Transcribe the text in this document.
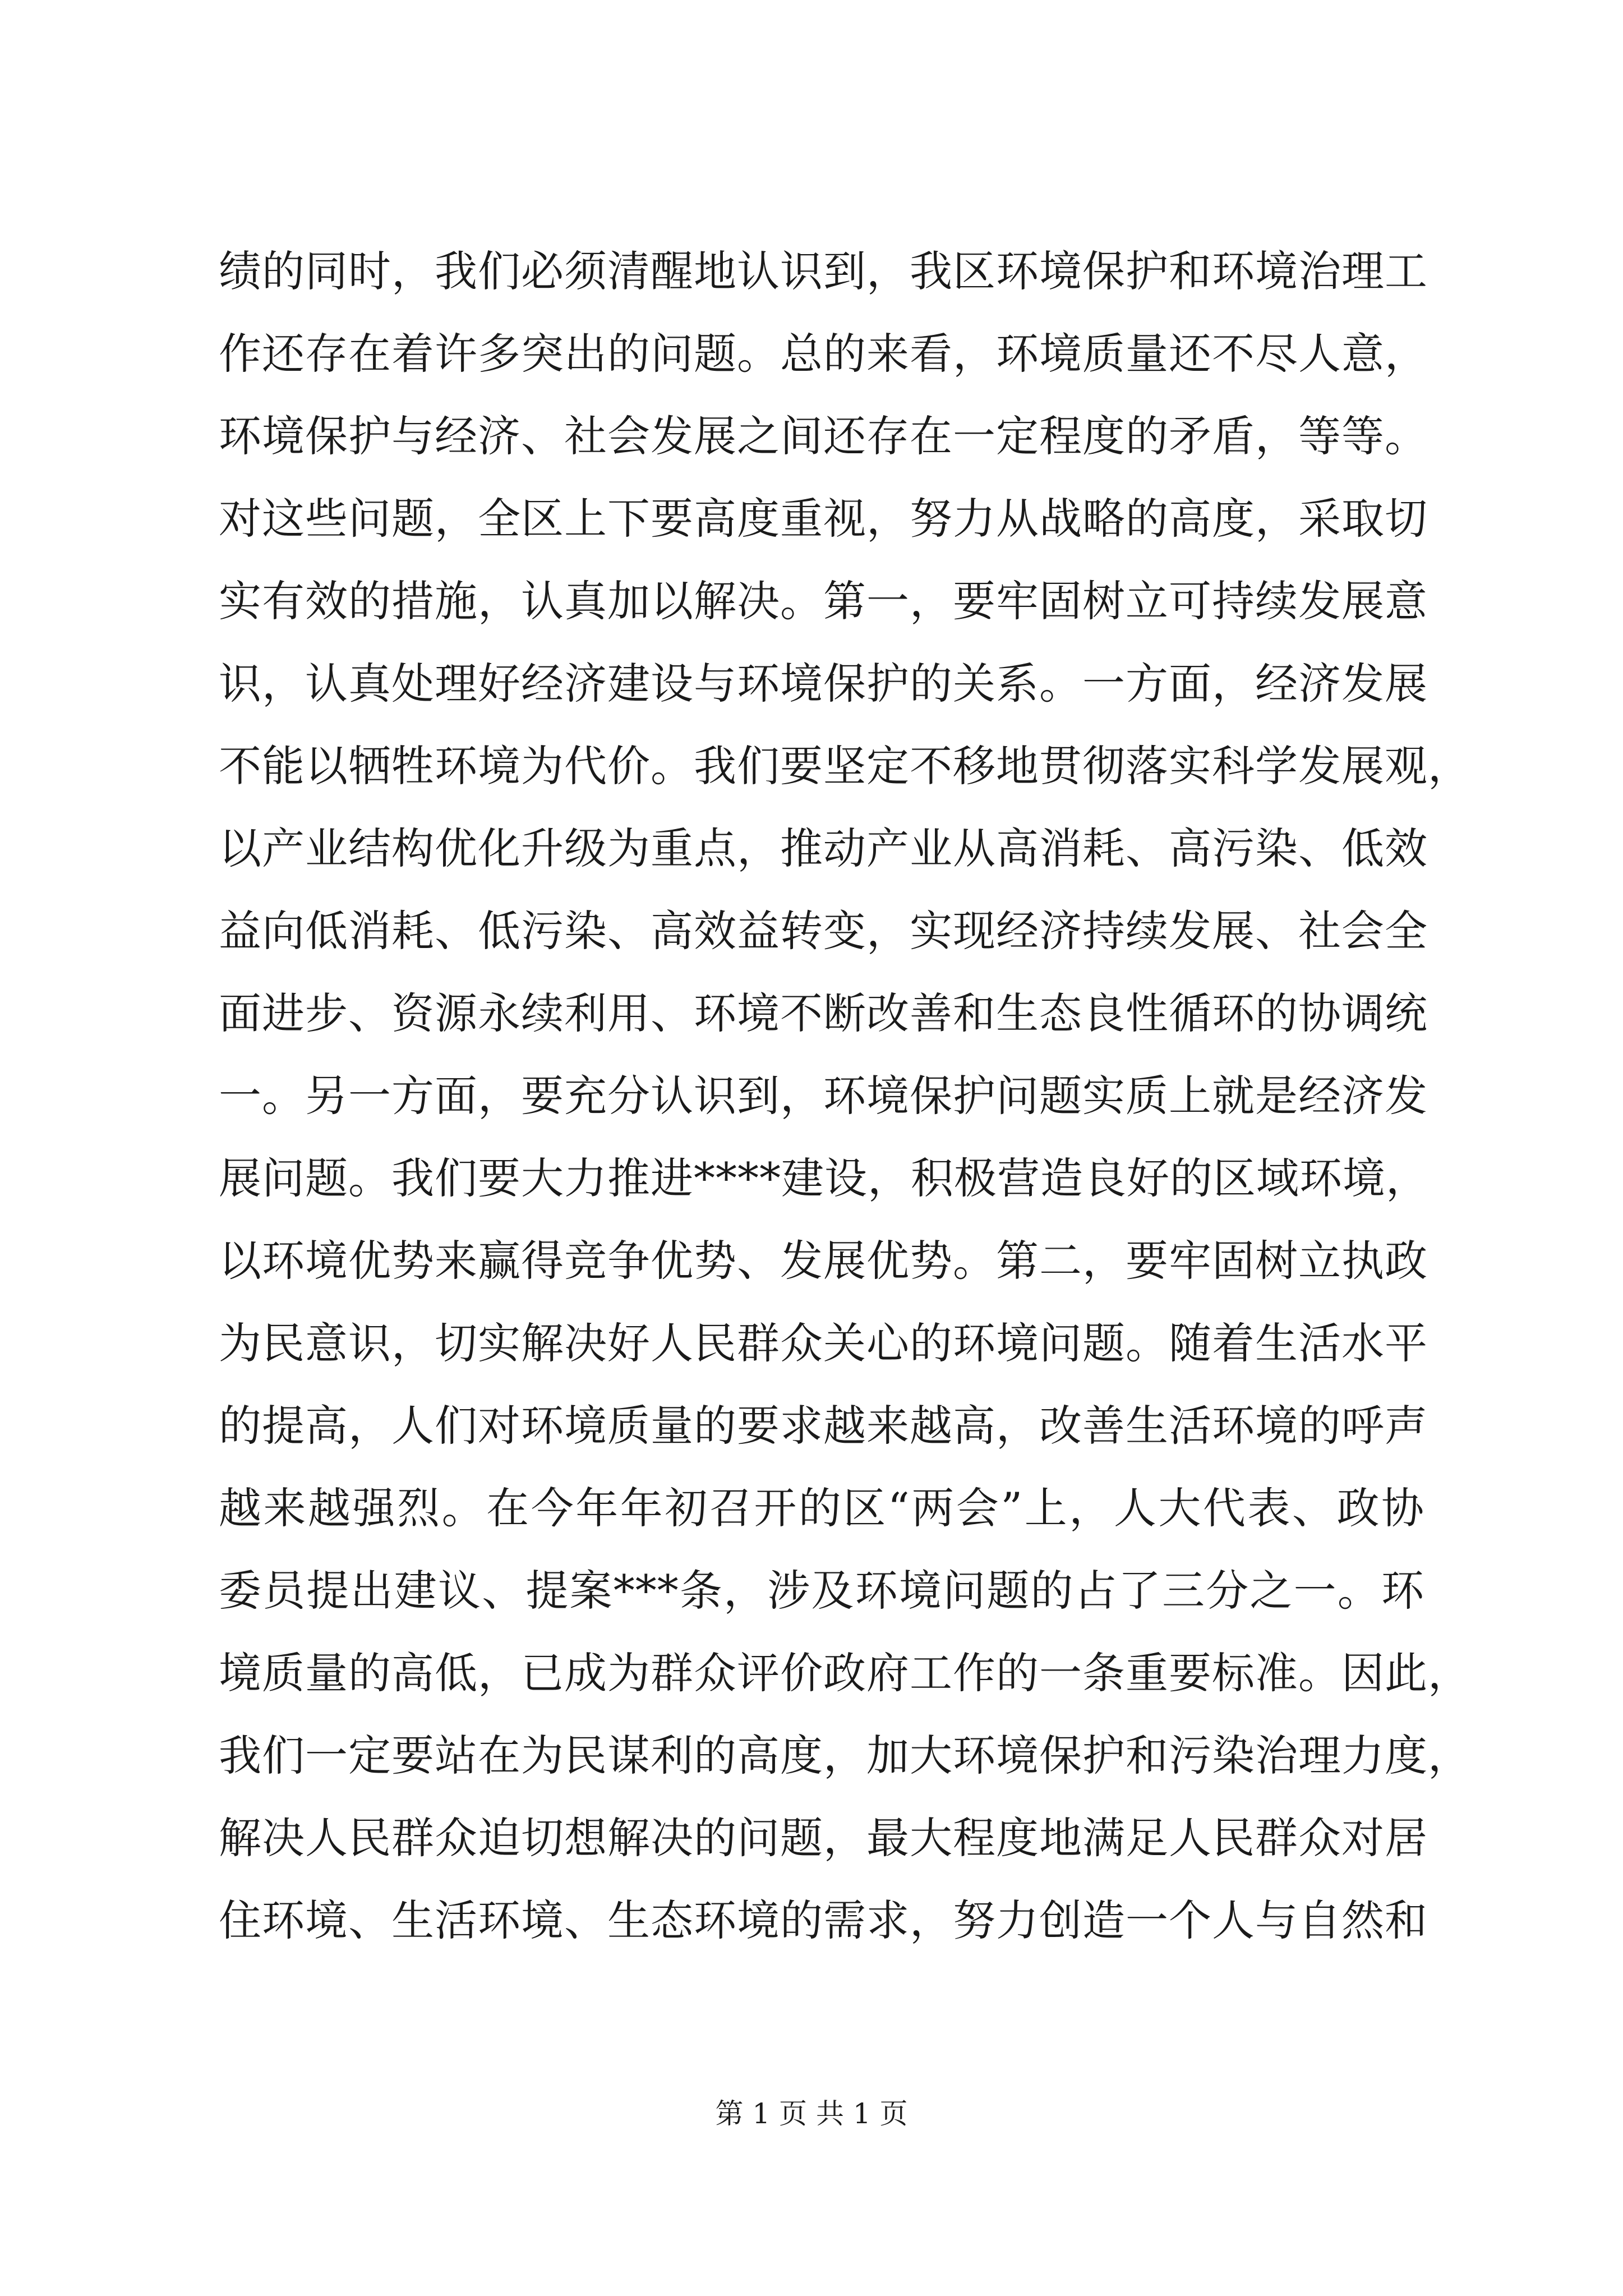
绩的同时，我们必须清醒地认识到，我区环境保护和环境治理工
作还存在着许多突出的问题。总的来看，环境质量还不尽人意，
环境保护与经济、社会发展之间还存在一定程度的矛盾，等等。
对这些问题，全区上下要高度重视，努力从战略的高度，采取切
实有效的措施，认真加以解决。第一，要牢固树立可持续发展意
识，认真处理好经济建设与环境保护的关系。一方面，经济发展
不能以牺牲环境为代价。我们要坚定不移地贯彻落实科学发展观，
以产业结构优化升级为重点，推动产业从高消耗、高污染、低效
益向低消耗、低污染、高效益转变，实现经济持续发展、社会全
面进步、资源永续利用、环境不断改善和生态良性循环的协调统
一。另一方面，要充分认识到，环境保护问题实质上就是经济发
展问题。我们要大力推进****建设，积极营造良好的区域环境，
以环境优势来赢得竞争优势、发展优势。第二，要牢固树立执政
为民意识，切实解决好人民群众关心的环境问题。随着生活水平
的提高，人们对环境质量的要求越来越高，改善生活环境的呼声
越来越强烈。在今年年初召开的区“两会”上，人大代表、政协
委员提出建议、提案***条，涉及环境问题的占了三分之一。环
境质量的高低，已成为群众评价政府工作的一条重要标准。因此，
我们一定要站在为民谋利的高度，加大环境保护和污染治理力度，
解决人民群众迫切想解决的问题，最大程度地满足人民群众对居
住环境、生活环境、生态环境的需求，努力创造一个人与自然和
第 1 页 共 1 页
